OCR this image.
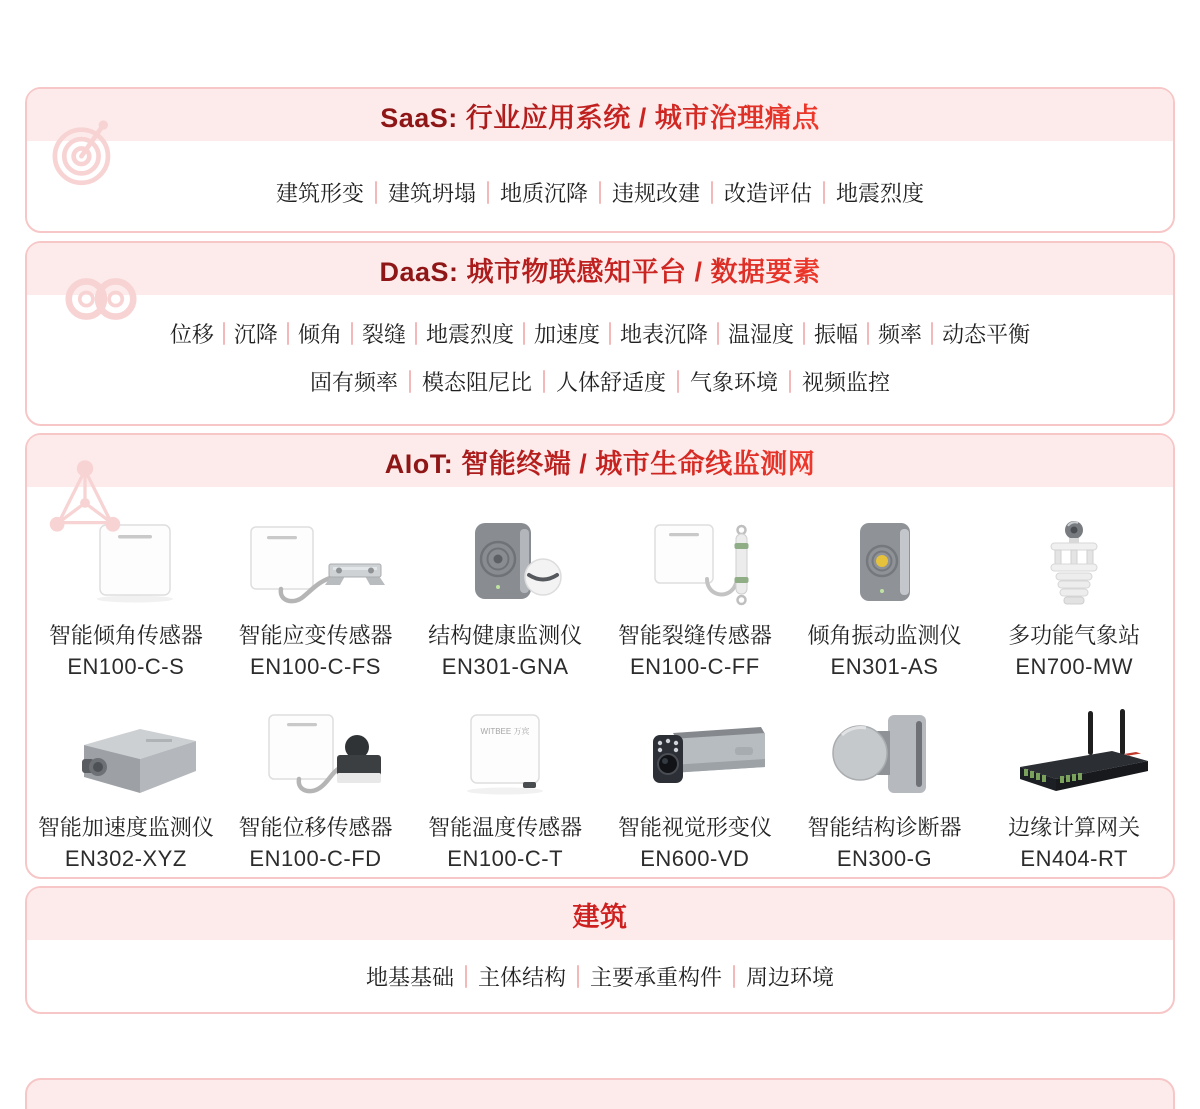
SaaS: 行业应用系统 / 城市治理痛点
建筑形变	建筑坍塌	地质沉降	违规改建	改造评估	地震烈度
DaaS: 城市物联感知平台 / 数据要素
位移 沉降 倾角 裂缝 地震烈度 加速度 地表沉降 温湿度 振幅 频率 动态平衡
固有频率	模态阻尼比	人体舒适度	气象环境	视频监控
AIoT: 智能终端 / 城市生命线监测网
智能倾角传感器
EN100-C-S
智能应变传感器
EN100-C-FS
结构健康监测仪
EN301-GNA
智能裂缝传感器
EN100-C-FF
倾角振动监测仪
EN301-AS
多功能气象站
EN700-MW
智能加速度监测仪
EN302-XYZ
智能位移传感器
EN100-C-FD
WITBEE 万宾
智能温度传感器
EN100-C-T
智能视觉形变仪
EN600-VD
智能结构诊断器
EN300-G
边缘计算网关
EN404-RT
建筑
地基基础	主体结构	主要承重构件	周边环境
